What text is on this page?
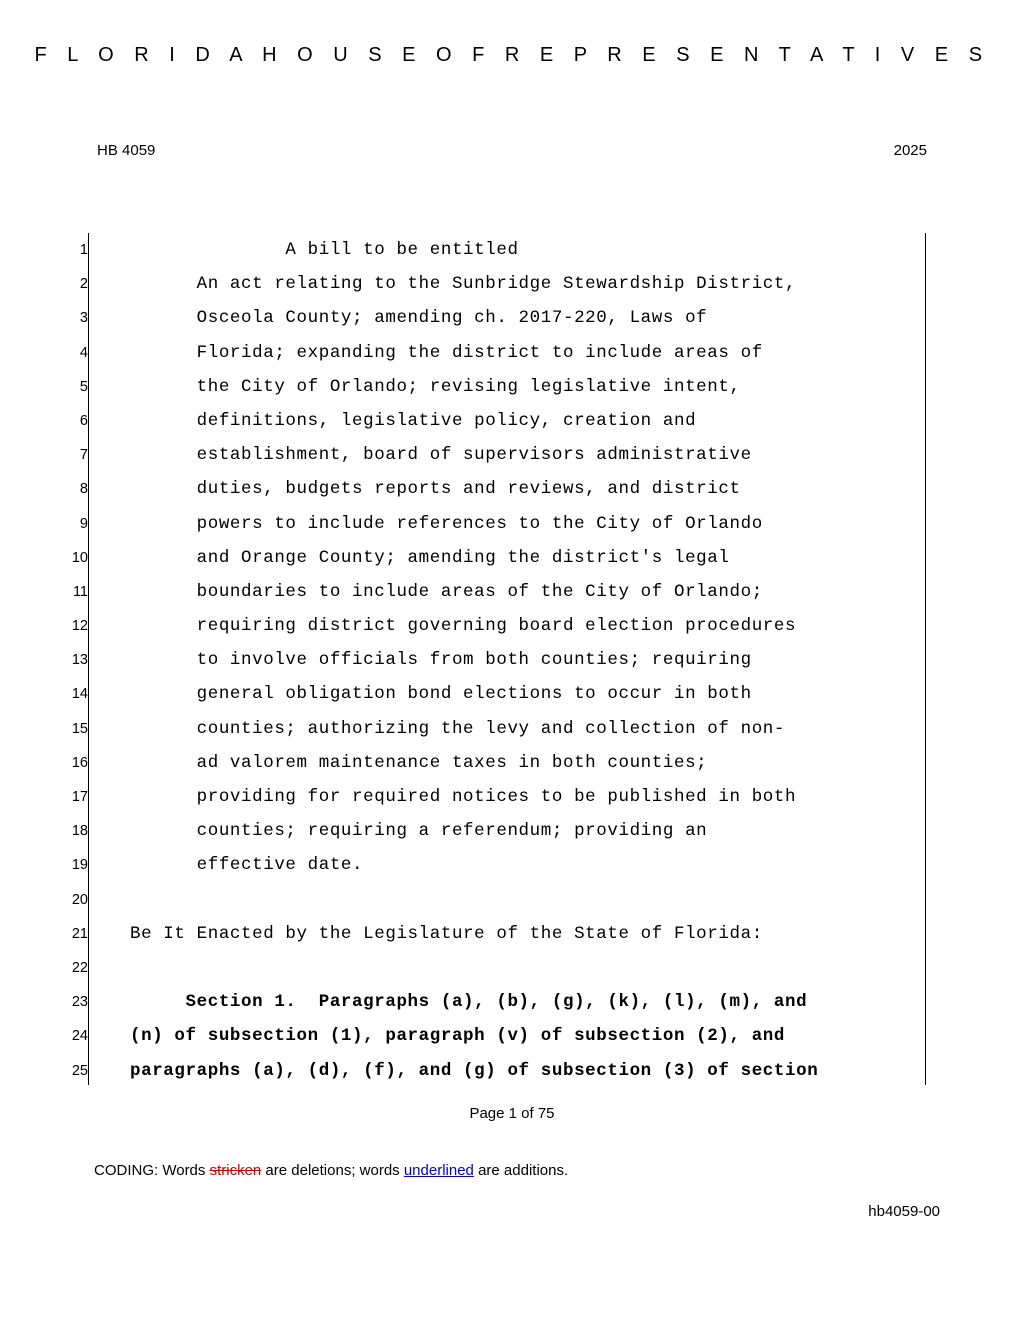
F L O R I D A H O U S E O F R E P R E S E N T A T I V E S
HB 4059	2025
1	A bill to be entitled
2	An act relating to the Sunbridge Stewardship District,
3	Osceola County; amending ch. 2017-220, Laws of
4	Florida; expanding the district to include areas of
5	the City of Orlando; revising legislative intent,
6	definitions, legislative policy, creation and
7	establishment, board of supervisors administrative
8	duties, budgets reports and reviews, and district
9	powers to include references to the City of Orlando
10	and Orange County; amending the district's legal
11	boundaries to include areas of the City of Orlando;
12	requiring district governing board election procedures
13	to involve officials from both counties; requiring
14	general obligation bond elections to occur in both
15	counties; authorizing the levy and collection of non-
16	ad valorem maintenance taxes in both counties;
17	providing for required notices to be published in both
18	counties; requiring a referendum; providing an
19	effective date.
20
21	Be It Enacted by the Legislature of the State of Florida:
22
23	Section 1.  Paragraphs (a), (b), (g), (k), (l), (m), and
24	(n) of subsection (1), paragraph (v) of subsection (2), and
25	paragraphs (a), (d), (f), and (g) of subsection (3) of section
Page 1 of 75
CODING: Words stricken are deletions; words underlined are additions.
hb4059-00
